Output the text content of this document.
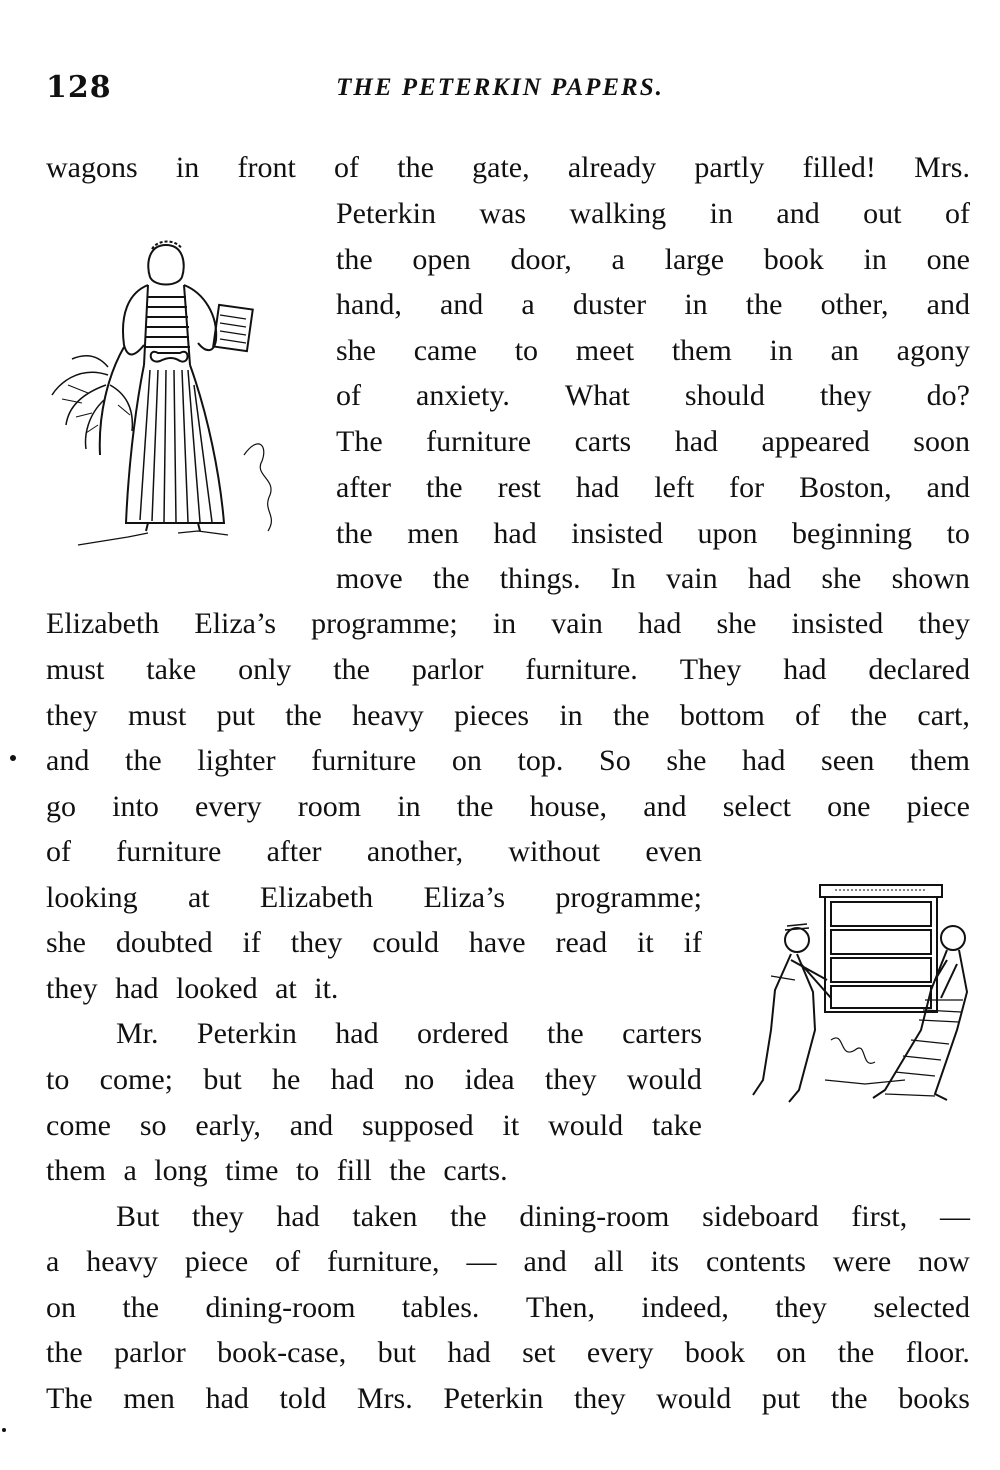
128	THE PETERKIN PAPERS.
wagons in front of the gate, already partly filled! Mrs.
Peterkin was walking in and out of
the open door, a large book in one
hand, and a duster in the other, and
she came to meet them in an agony
of anxiety. What should they do?
The furniture carts had appeared soon
after the rest had left for Boston, and
the men had insisted upon beginning to
move the things. In vain had she shown
Elizabeth Eliza’s programme; in vain had she insisted they
must take only the parlor furniture. They had declared
they must put the heavy pieces in the bottom of the cart,
and the lighter furniture on top. So she had seen them
go into every room in the house, and select one piece
of furniture after another, without even
looking at Elizabeth Eliza’s programme;
she doubted if they could have read it if
they had looked at it.
Mr. Peterkin had ordered the carters
to come; but he had no idea they would
come so early, and supposed it would take
them a long time to fill the carts.
But they had taken the dining-room sideboard first, —
a heavy piece of furniture, — and all its contents were now
on the dining-room tables. Then, indeed, they selected
the parlor book-case, but had set every book on the floor.
The men had told Mrs. Peterkin they would put the books
